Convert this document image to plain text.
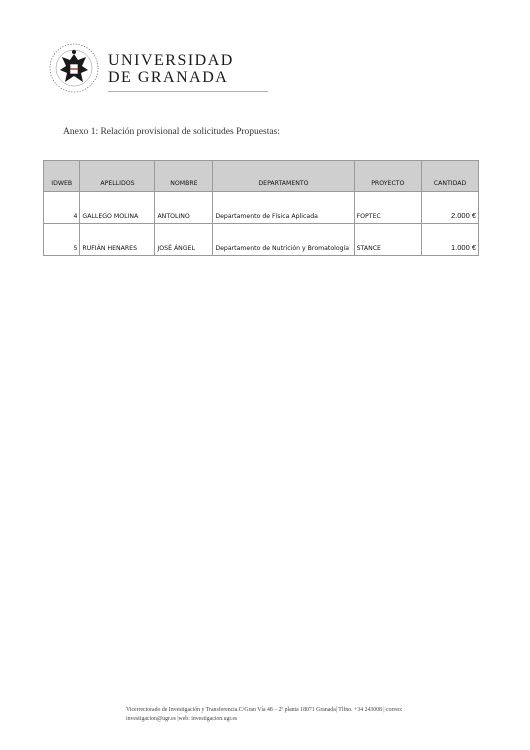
UNIVERSIDAD
DE GRANADA
Anexo 1: Relación provisional de solicitudes Propuestas:
IDWEB	APELLIDOS	NOMBRE	DEPARTAMENTO	PROYECTO	CANTIDAD
4	GALLEGO MOLINA	ANTOLINO	Departamento de Física Aplicada	FOPTEC	2.000 €
5	RUFIÁN HENARES	JOSÉ ÁNGEL	Departamento de Nutrición y Bromatología	STANCE	1.000 €
Vicerrectorado de Investigación y Transferencia.C/Gran Vía 48 – 2ª planta 18071 Granada| Tlfno. +34 243008 | correo:
investigacion@ugr.es |web: investigacion.ugr.es
